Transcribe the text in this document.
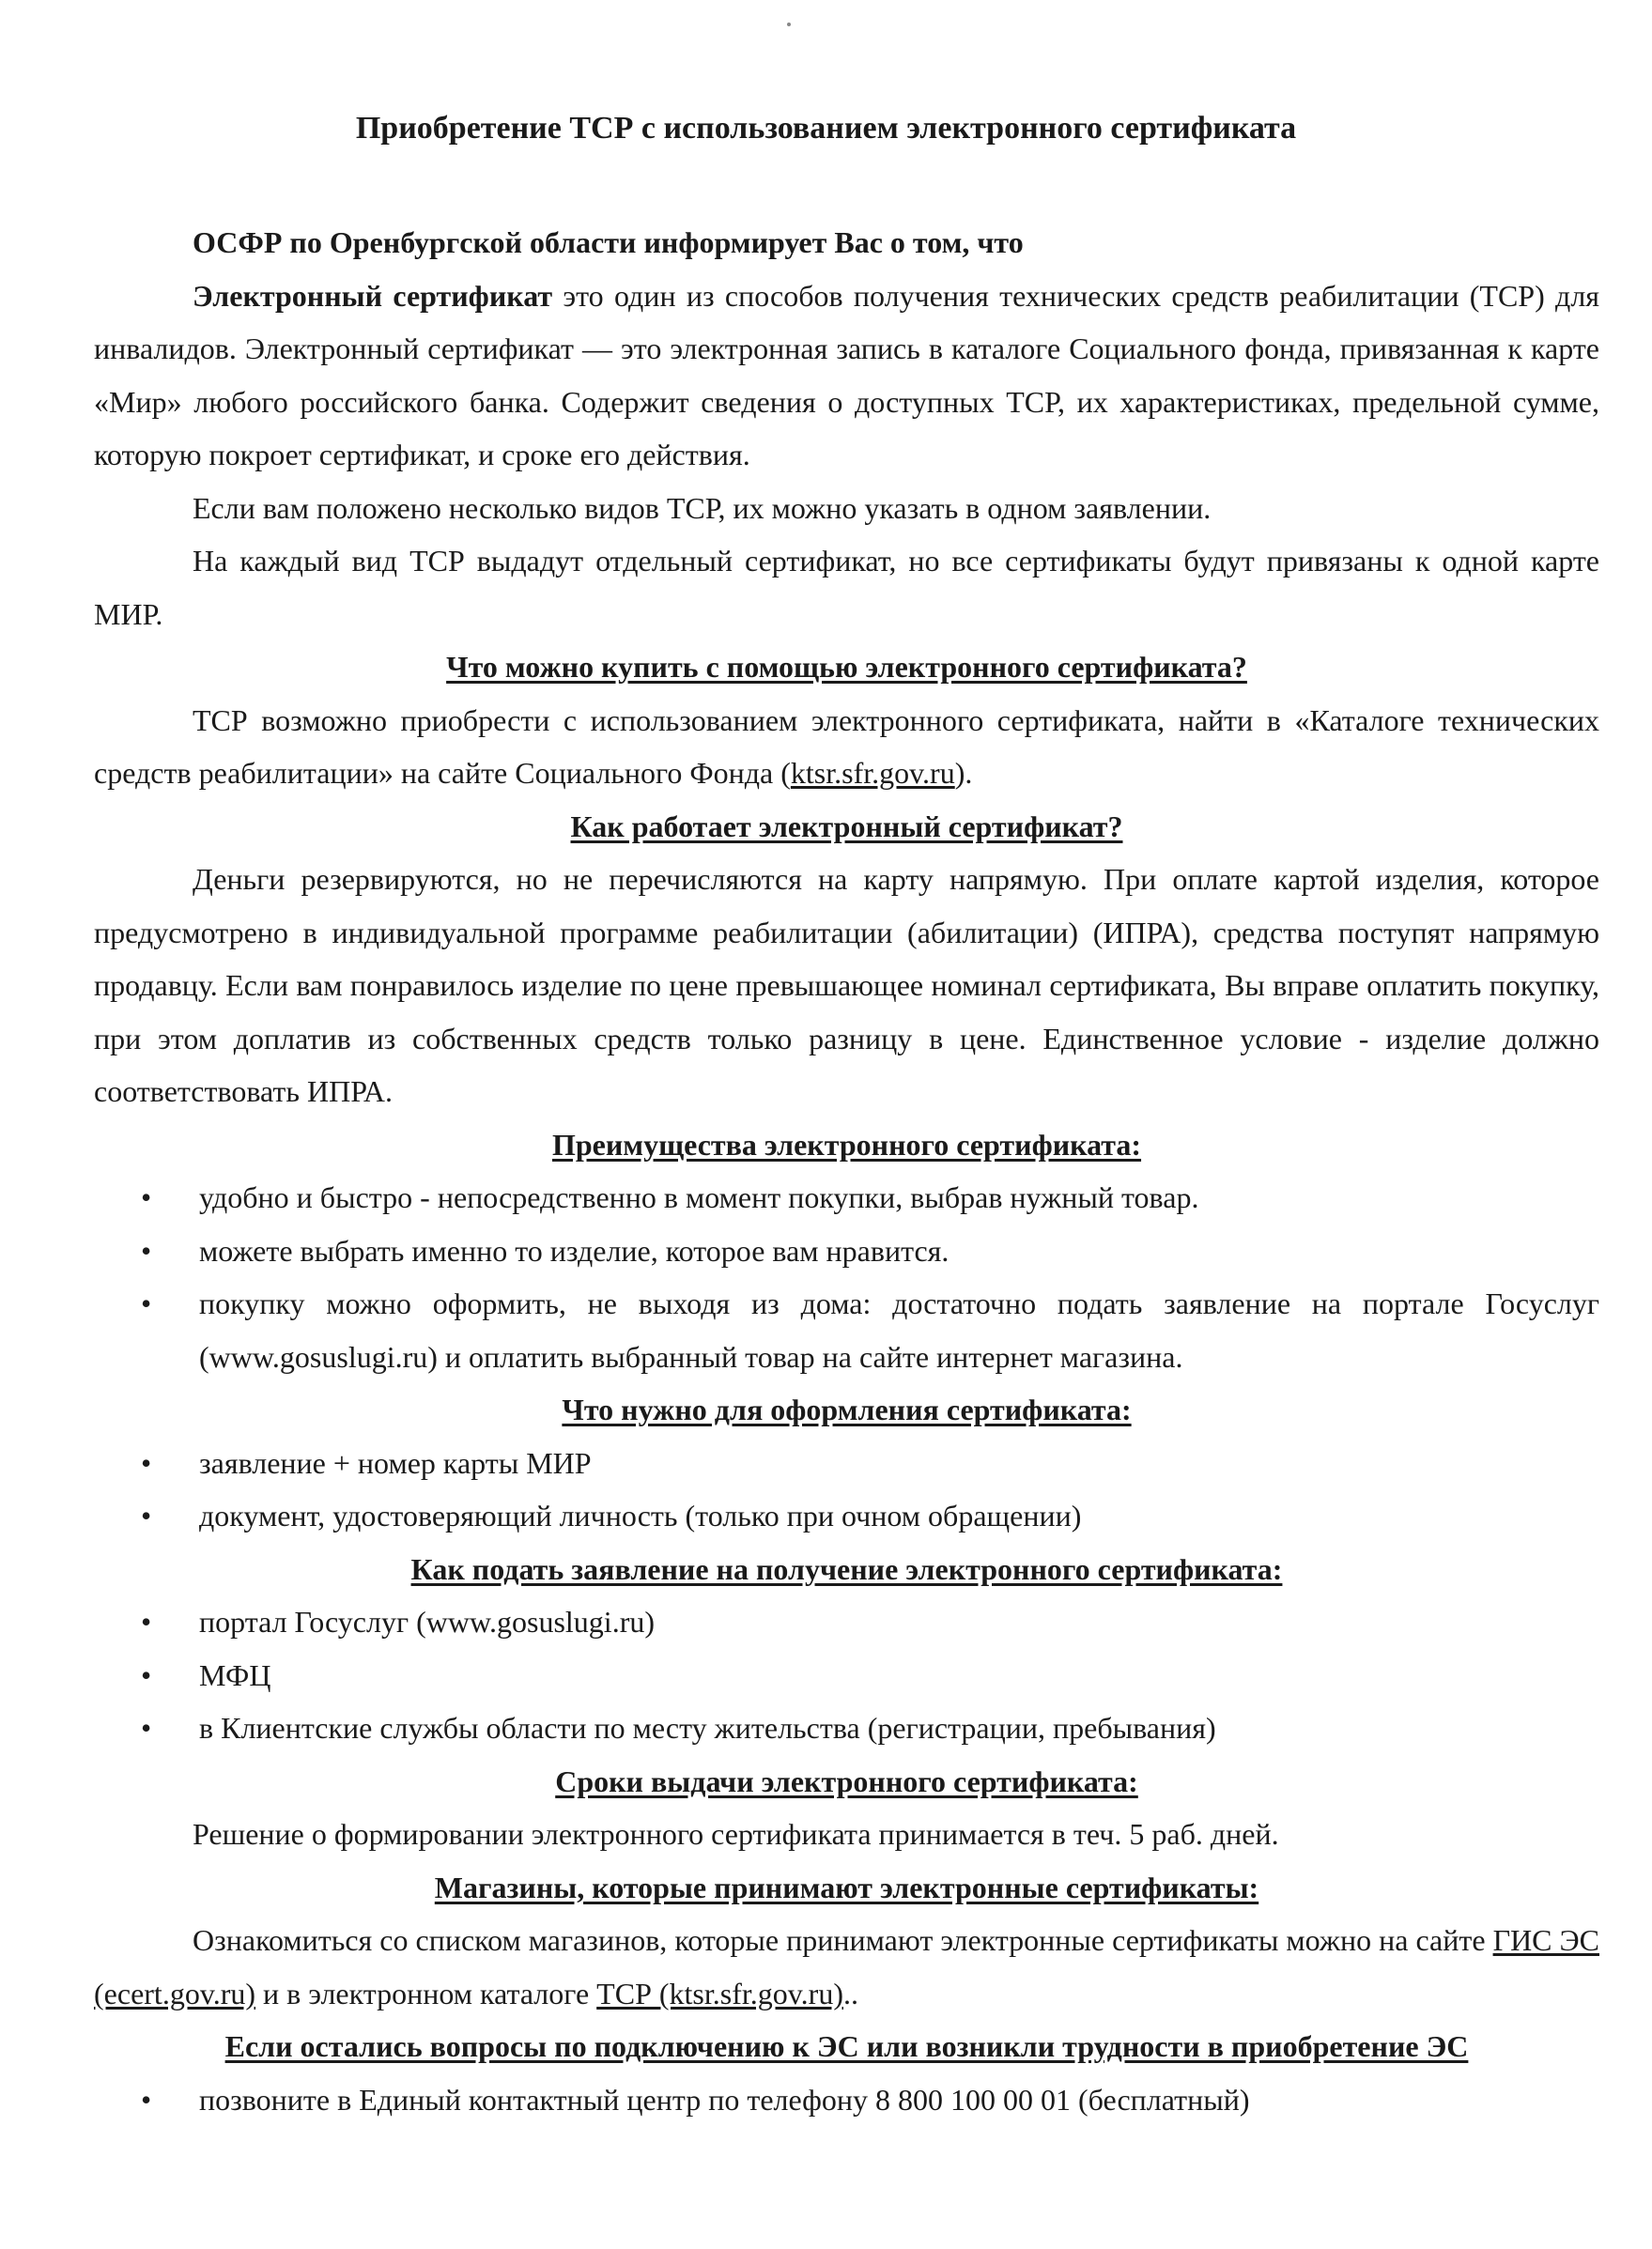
Приобретение ТСР с использованием электронного сертификата

ОСФР по Оренбургской области информирует Вас о том, что

Электронный сертификат это один из способов получения технических средств реабилитации (ТСР) для инвалидов. Электронный сертификат — это электронная запись в каталоге Социального фонда, привязанная к карте «Мир» любого российского банка. Содержит сведения о доступных ТСР, их характеристиках, предельной сумме, которую покроет сертификат, и сроке его действия.

Если вам положено несколько видов ТСР, их можно указать в одном заявлении.

На каждый вид ТСР выдадут отдельный сертификат, но все сертификаты будут привязаны к одной карте МИР.

Что можно купить с помощью электронного сертификата?

ТСР возможно приобрести с использованием электронного сертификата, найти в «Каталоге технических средств реабилитации» на сайте Социального Фонда (ktsr.sfr.gov.ru).

Как работает электронный сертификат?

Деньги резервируются, но не перечисляются на карту напрямую. При оплате картой изделия, которое предусмотрено в индивидуальной программе реабилитации (абилитации) (ИПРА), средства поступят напрямую продавцу. Если вам понравилось изделие по цене превышающее номинал сертификата, Вы вправе оплатить покупку, при этом доплатив из собственных средств только разницу в цене. Единственное условие - изделие должно соответствовать ИПРА.

Преимущества электронного сертификата:
• удобно и быстро - непосредственно в момент покупки, выбрав нужный товар.
• можете выбрать именно то изделие, которое вам нравится.
• покупку можно оформить, не выходя из дома: достаточно подать заявление на портале Госуслуг (www.gosuslugi.ru) и оплатить выбранный товар на сайте интернет магазина.
Что нужно для оформления сертификата:
• заявление + номер карты МИР
• документ, удостоверяющий личность (только при очном обращении)
Как подать заявление на получение электронного сертификата:
• портал Госуслуг (www.gosuslugi.ru)
• МФЦ
• в Клиентские службы области по месту жительства (регистрации, пребывания)
Сроки выдачи электронного сертификата:

Решение о формировании электронного сертификата принимается в теч. 5 раб. дней.

Магазины, которые принимают электронные сертификаты:

Ознакомиться со списком магазинов, которые принимают электронные сертификаты можно на сайте ГИС ЭС (ecert.gov.ru) и в электронном каталоге ТСР (ktsr.sfr.gov.ru)..

Если остались вопросы по подключению к ЭС или возникли трудности в приобретение ЭС
• позвоните в Единый контактный центр по телефону 8 800 100 00 01 (бесплатный)
